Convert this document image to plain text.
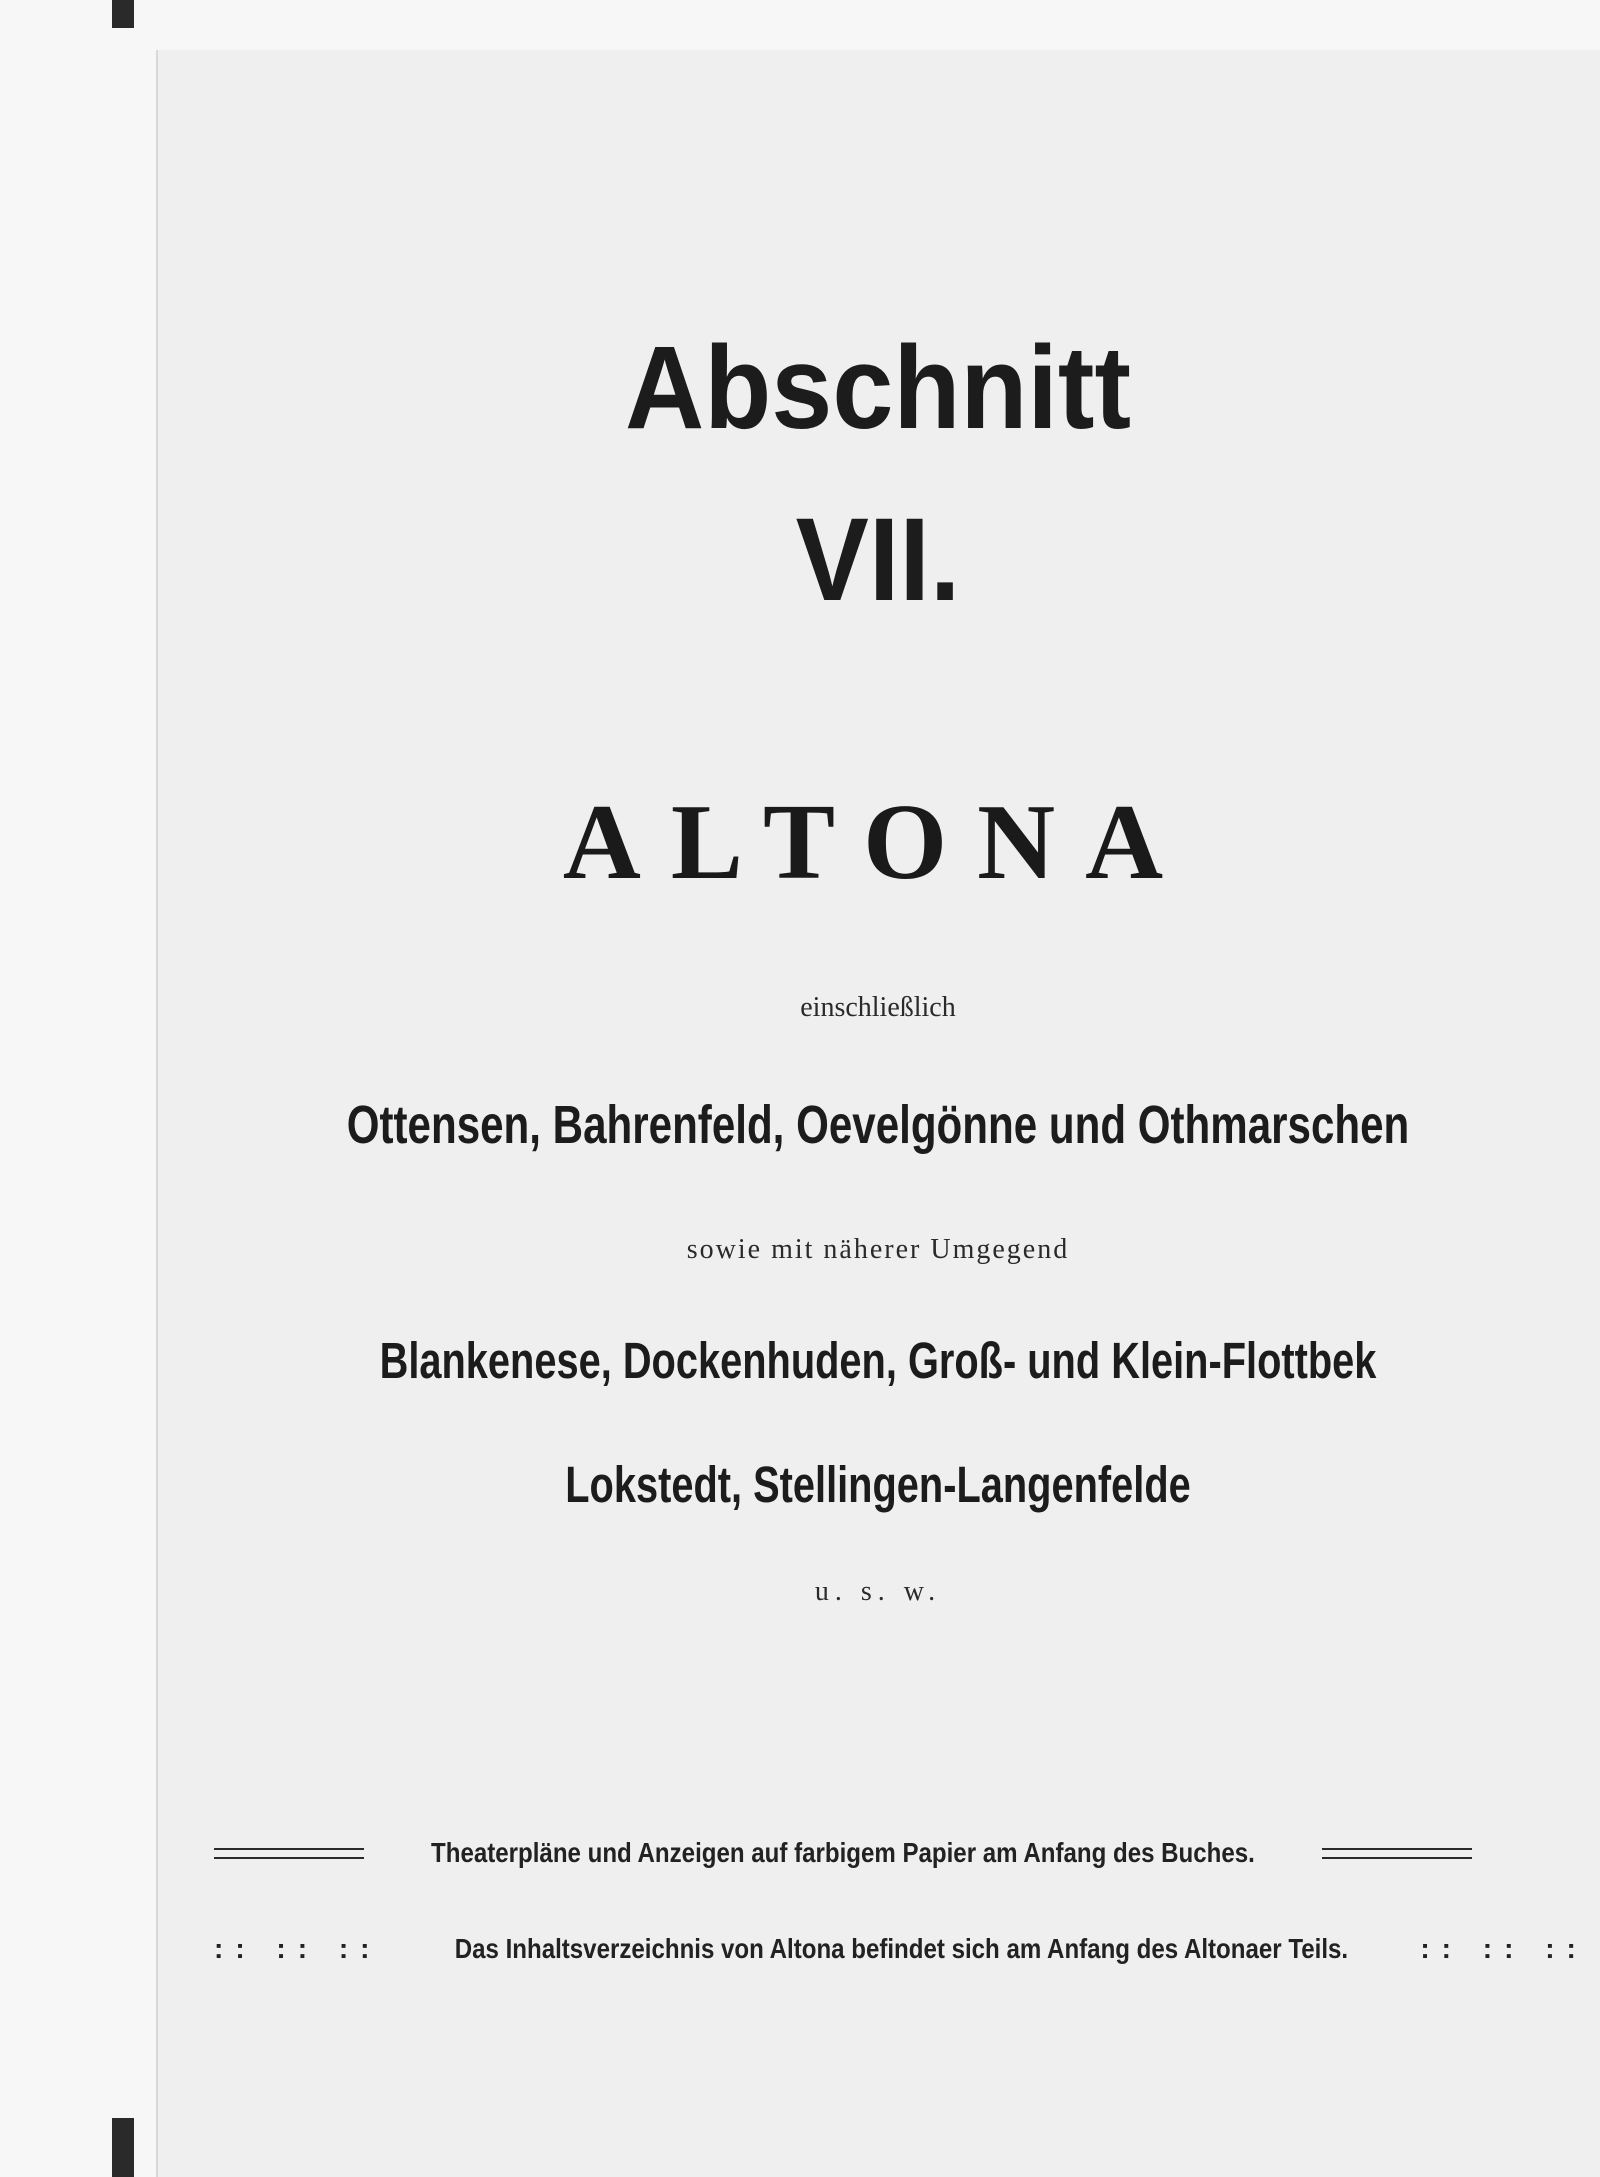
Abschnitt
VII.
ALTONA
einschließlich
Ottensen, Bahrenfeld, Oevelgönne und Othmarschen
sowie mit näherer Umgegend
Blankenese, Dockenhuden, Groß- und Klein-Flottbek
Lokstedt, Stellingen-Langenfelde
u. s. w.
Theaterpläne und Anzeigen auf farbigem Papier am Anfang des Buches.
:: :: ::	Das Inhaltsverzeichnis von Altona befindet sich am Anfang des Altonaer Teils.	:: :: ::
